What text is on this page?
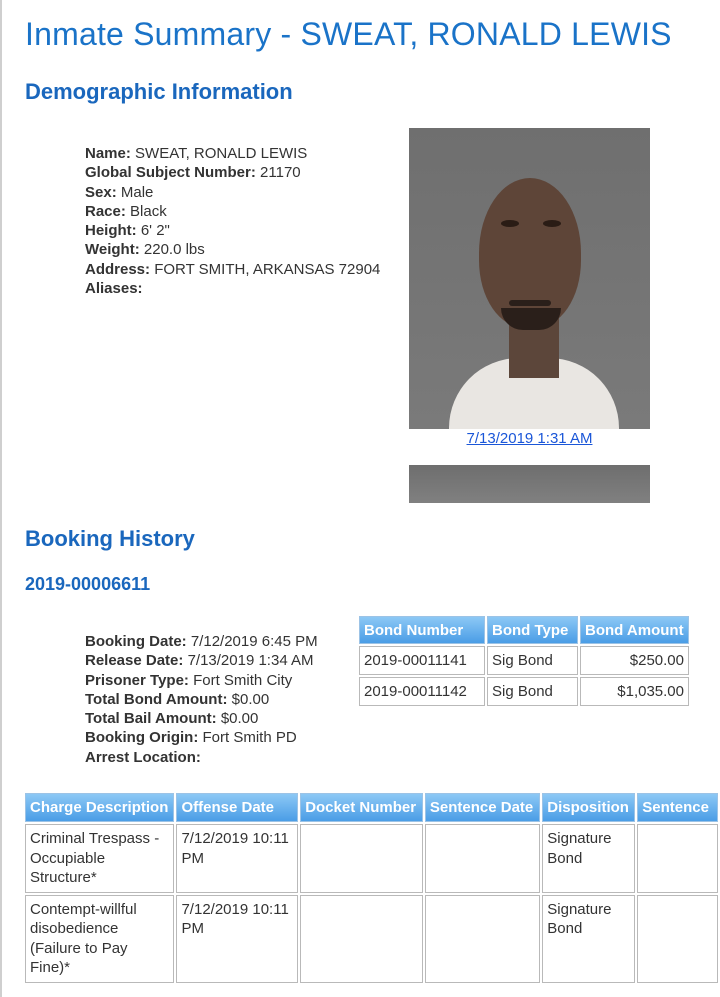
Inmate Summary - SWEAT, RONALD LEWIS
Demographic Information
Name: SWEAT, RONALD LEWIS
Global Subject Number: 21170
Sex: Male
Race: Black
Height: 6' 2"
Weight: 220.0 lbs
Address: FORT SMITH, ARKANSAS 72904
Aliases:
7/13/2019 1:31 AM
Booking History
2019-00006611
Booking Date: 7/12/2019 6:45 PM
Release Date: 7/13/2019 1:34 AM
Prisoner Type: Fort Smith City
Total Bond Amount: $0.00
Total Bail Amount: $0.00
Booking Origin: Fort Smith PD
Arrest Location:
Bond Number	Bond Type	Bond Amount
2019-00011141	Sig Bond	$250.00
2019-00011142	Sig Bond	$1,035.00
Charge Description	Offense Date	Docket Number	Sentence Date	Disposition	Sentence
Criminal Trespass - Occupiable Structure*	7/12/2019 10:11 PM			Signature Bond	
Contempt-willful disobedience (Failure to Pay Fine)*	7/12/2019 10:11 PM			Signature Bond	
